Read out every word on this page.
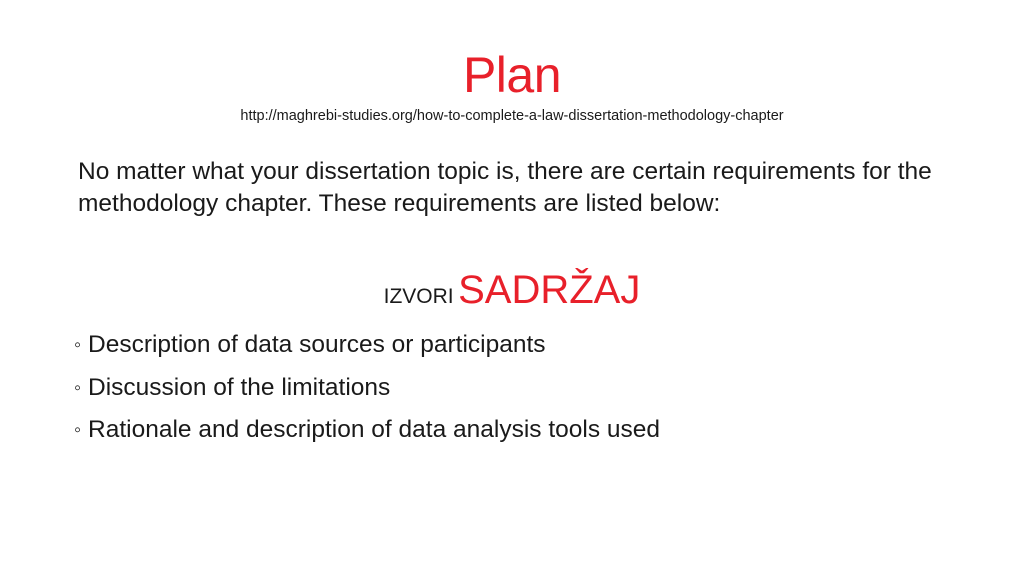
Plan
http://maghrebi-studies.org/how-to-complete-a-law-dissertation-methodology-chapter
No matter what your dissertation topic is, there are certain requirements for the methodology chapter. These requirements are listed below:
IZVORI SADRŽAJ
◦ Description of data sources or participants
◦ Discussion of the limitations
◦ Rationale and description of data analysis tools used
